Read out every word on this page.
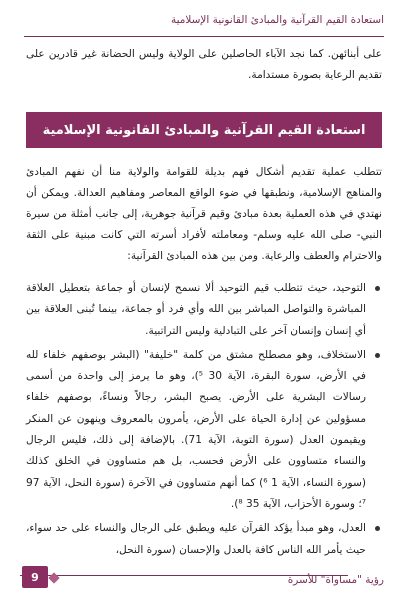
استعادة القيم القرآنية والمبادئ القانونية الإسلامية
على أبنائهن. كما نجد الآباء الحاصلين على الولاية وليس الحضانة غير قادرين على تقديم الرعاية بصورة مستدامة.
استعادة القيم القرآنية والمبادئ القانونية الإسلامية
تتطلب عملية تقديم أشكال فهم بديلة للقوامة والولاية منا أن نفهم المبادئ والمناهج الإسلامية، ونطبقها في ضوء الواقع المعاصر ومفاهيم العدالة. ويمكن أن نهتدي في هذه العملية بعدة مبادئ وقيم قرآنية جوهرية، إلى جانب أمثلة من سيرة النبي- صلى الله عليه وسلم- ومعاملته لأفراد أسرته التي كانت مبنية على الثقة والاحترام والعطف والرعاية. ومن بين هذه المبادئ القرآنية:
التوحيد، حيث تتطلب قيم التوحيد ألا نسمح لإنسان أو جماعة بتعطيل العلاقة المباشرة والتواصل المباشر بين الله وأي فرد أو جماعة، بينما تُبنى العلاقة بين أي إنسان وإنسان آخر على التبادلية وليس التراتبية.
الاستخلاف، وهو مصطلح مشتق من كلمة "خليفة" (البشر بوصفهم خلفاء لله في الأرض، سورة البقرة، الآية 30 ⁵)، وهو ما يرمز إلى واحدة من أسمى رسالات البشرية على الأرض. يصبح البشر، رجالاً ونساءً، بوصفهم خلفاء مسؤولين عن إدارة الحياة على الأرض، يأمرون بالمعروف وينهون عن المنكر ويقيمون العدل (سورة التوبة، الآية 71). بالإضافة إلى ذلك، فليس الرجال والنساء متساوون على الأرض فحسب، بل هم متساوون في الخلق كذلك (سورة النساء، الآية 1 ⁶) كما أنهم متساوون في الآخرة (سورة النحل، الآية 97 ⁷؛ وسورة الأحزاب، الآية 35 ⁸).
العدل، وهو مبدأ يؤكد القرآن عليه ويطبق على الرجال والنساء على حد سواء، حيث يأمر الله الناس كافة بالعدل والإحسان (سورة النحل،
رؤية "مساواة" للأسرة
9
